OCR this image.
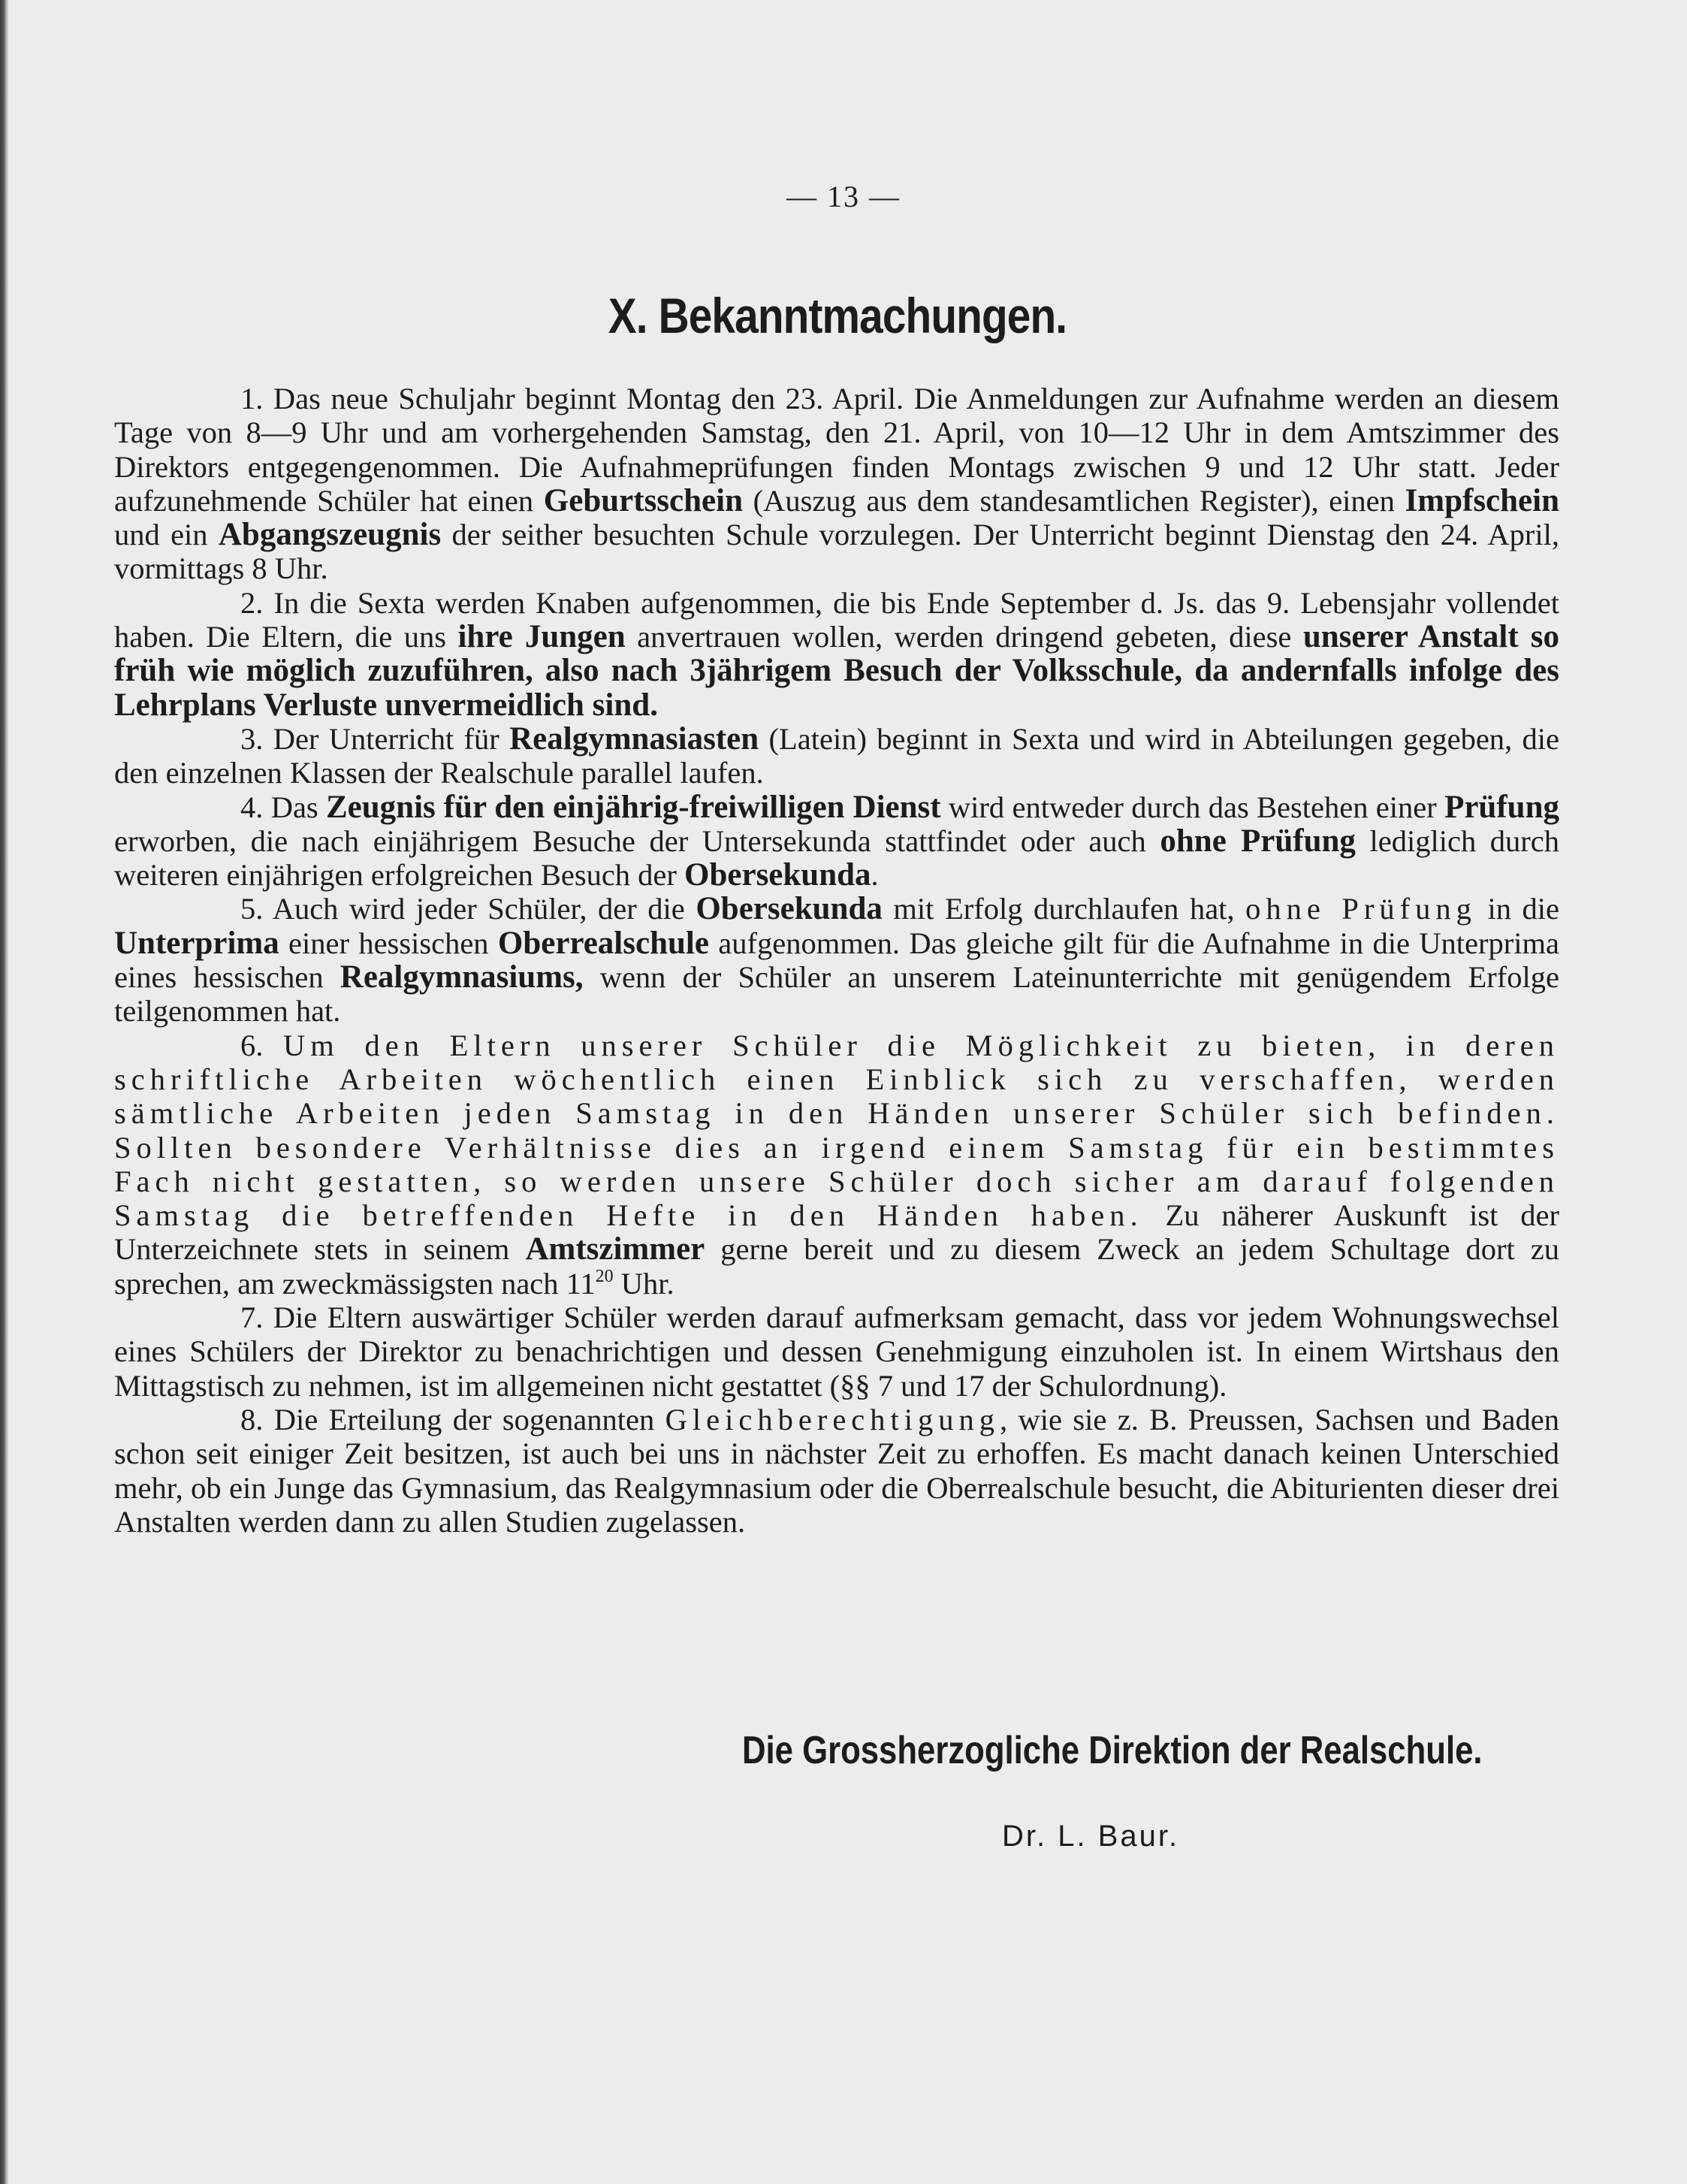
— 13 —
X. Bekanntmachungen.

1. Das neue Schuljahr beginnt Montag den 23. April. Die Anmeldungen zur Aufnahme werden an diesem Tage von 8—9 Uhr und am vorhergehenden Samstag, den 21. April, von 10—12 Uhr in dem Amtszimmer des Direktors entgegengenommen. Die Aufnahmeprüfungen finden Montags zwischen 9 und 12 Uhr statt. Jeder aufzunehmende Schüler hat einen Geburtsschein (Auszug aus dem standesamtlichen Register), einen Impfschein und ein Abgangszeugnis der seither besuchten Schule vorzulegen. Der Unterricht beginnt Dienstag den 24. April, vormittags 8 Uhr.

2. In die Sexta werden Knaben aufgenommen, die bis Ende September d. Js. das 9. Lebensjahr vollendet haben. Die Eltern, die uns ihre Jungen anvertrauen wollen, werden dringend gebeten, diese unserer Anstalt so früh wie möglich zuzuführen, also nach 3jährigem Besuch der Volksschule, da andernfalls infolge des Lehrplans Verluste unvermeidlich sind.

3. Der Unterricht für Realgymnasiasten (Latein) beginnt in Sexta und wird in Abteilungen gegeben, die den einzelnen Klassen der Realschule parallel laufen.

4. Das Zeugnis für den einjährig-freiwilligen Dienst wird entweder durch das Bestehen einer Prüfung erworben, die nach einjährigem Besuche der Untersekunda stattfindet oder auch ohne Prüfung lediglich durch weiteren einjährigen erfolgreichen Besuch der Obersekunda.

5. Auch wird jeder Schüler, der die Obersekunda mit Erfolg durchlaufen hat, ohne Prüfung in die Unterprima einer hessischen Oberrealschule aufgenommen. Das gleiche gilt für die Aufnahme in die Unterprima eines hessischen Realgymnasiums, wenn der Schüler an unserem Lateinunterrichte mit genügendem Erfolge teilgenommen hat.

6. Um den Eltern unserer Schüler die Möglichkeit zu bieten, in deren schriftliche Arbeiten wöchentlich einen Einblick sich zu verschaffen, werden sämtliche Arbeiten jeden Samstag in den Händen unserer Schüler sich befinden. Sollten besondere Verhältnisse dies an irgend einem Samstag für ein bestimmtes Fach nicht gestatten, so werden unsere Schüler doch sicher am darauf folgenden Samstag die betreffenden Hefte in den Händen haben. Zu näherer Auskunft ist der Unterzeichnete stets in seinem Amtszimmer gerne bereit und zu diesem Zweck an jedem Schultage dort zu sprechen, am zweckmässigsten nach $11^{20}$ Uhr.

7. Die Eltern auswärtiger Schüler werden darauf aufmerksam gemacht, dass vor jedem Wohnungswechsel eines Schülers der Direktor zu benachrichtigen und dessen Genehmigung einzuholen ist. In einem Wirtshaus den Mittagstisch zu nehmen, ist im allgemeinen nicht gestattet (§§ 7 und 17 der Schulordnung).

8. Die Erteilung der sogenannten Gleichberechtigung, wie sie z. B. Preussen, Sachsen und Baden schon seit einiger Zeit besitzen, ist auch bei uns in nächster Zeit zu erhoffen. Es macht danach keinen Unterschied mehr, ob ein Junge das Gymnasium, das Realgymnasium oder die Oberrealschule besucht, die Abiturienten dieser drei Anstalten werden dann zu allen Studien zugelassen.

Die Grossherzogliche Direktion der Realschule.
Dr. L. Baur.
